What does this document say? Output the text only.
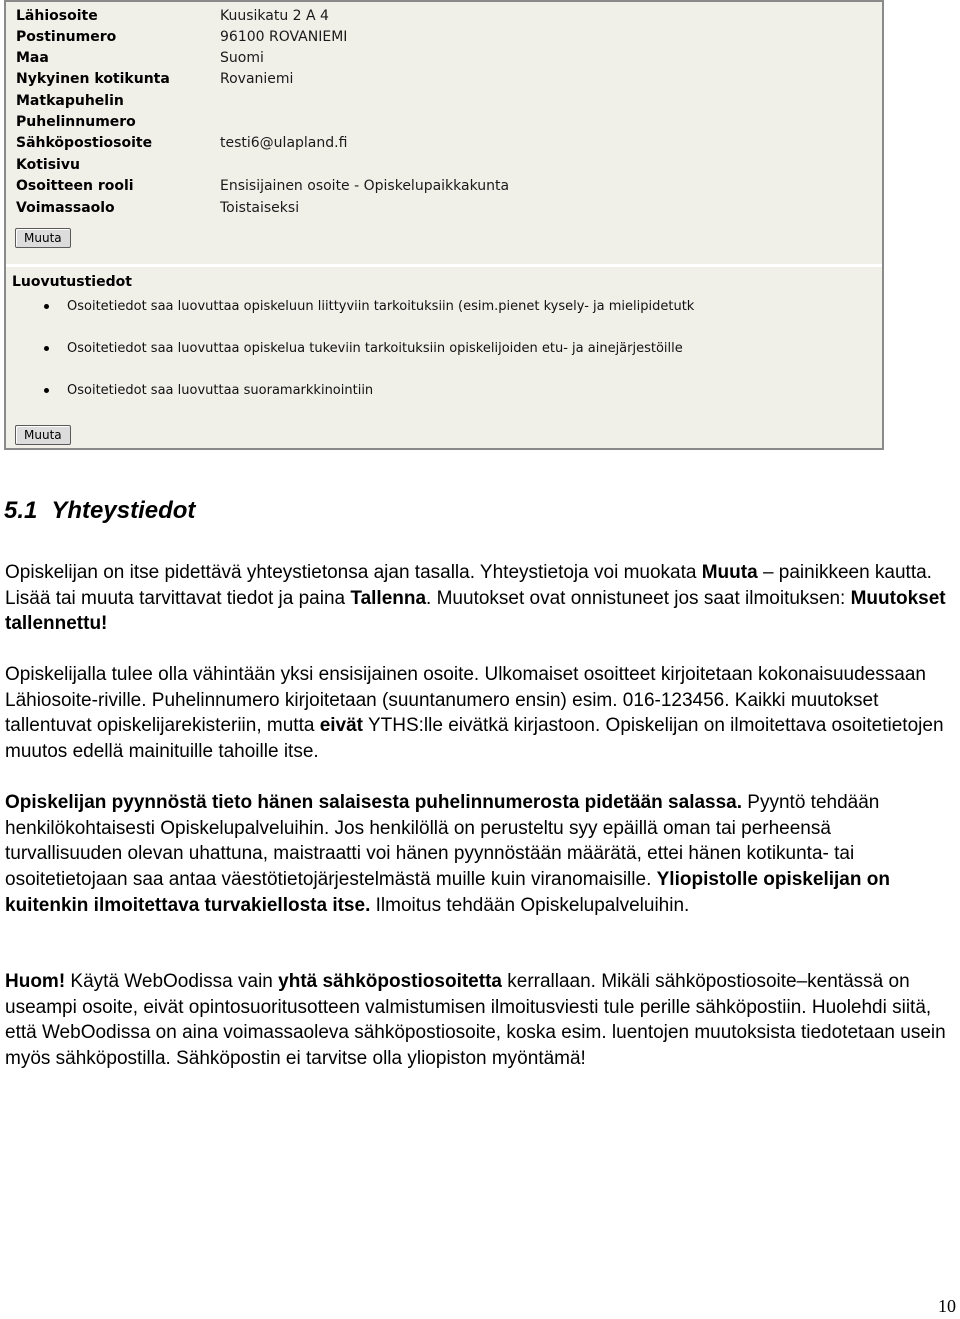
Lähiosoite	Kuusikatu 2 A 4
Postinumero	96100 ROVANIEMI
Maa	Suomi
Nykyinen kotikunta	Rovaniemi
Matkapuhelin
Puhelinnumero
Sähköpostiosoite	testi6@ulapland.fi
Kotisivu
Osoitteen rooli	Ensisijainen osoite - Opiskelupaikkakunta
Voimassaolo	Toistaiseksi
Muuta
Luovutustiedot
Osoitetiedot saa luovuttaa opiskeluun liittyviin tarkoituksiin (esim.pienet kysely- ja mielipidetutk
Osoitetiedot saa luovuttaa opiskelua tukeviin tarkoituksiin opiskelijoiden etu- ja ainejärjestöille
Osoitetiedot saa luovuttaa suoramarkkinointiin
Muuta
5.1 Yhteystiedot
Opiskelijan on itse pidettävä yhteystietonsa ajan tasalla. Yhteystietoja voi muokata Muuta – painikkeen kautta. Lisää tai muuta tarvittavat tiedot ja paina Tallenna. Muutokset ovat onnistuneet jos saat ilmoituksen: Muutokset tallennettu!
Opiskelijalla tulee olla vähintään yksi ensisijainen osoite. Ulkomaiset osoitteet kirjoitetaan kokonaisuudessaan Lähiosoite-riville. Puhelinnumero kirjoitetaan (suuntanumero ensin) esim. 016-123456. Kaikki muutokset tallentuvat opiskelijarekisteriin, mutta eivät YTHS:lle eivätkä kirjastoon. Opiskelijan on ilmoitettava osoitetietojen muutos edellä mainituille tahoille itse.
Opiskelijan pyynnöstä tieto hänen salaisesta puhelinnumerosta pidetään salassa. Pyyntö tehdään henkilökohtaisesti Opiskelupalveluihin. Jos henkilöllä on perusteltu syy epäillä oman tai perheensä turvallisuuden olevan uhattuna, maistraatti voi hänen pyynnöstään määrätä, ettei hänen kotikunta- tai osoitetietojaan saa antaa väestötietojärjestelmästä muille kuin viranomaisille. Yliopistolle opiskelijan on kuitenkin ilmoitettava turvakiellosta itse. Ilmoitus tehdään Opiskelupalveluihin.
Huom! Käytä WebOodissa vain yhtä sähköpostiosoitetta kerrallaan. Mikäli sähköpostiosoite–kentässä on useampi osoite, eivät opintosuoritusotteen valmistumisen ilmoitusviesti tule perille sähköpostiin. Huolehdi siitä, että WebOodissa on aina voimassaoleva sähköpostiosoite, koska esim. luentojen muutoksista tiedotetaan usein myös sähköpostilla. Sähköpostin ei tarvitse olla yliopiston myöntämä!
10
